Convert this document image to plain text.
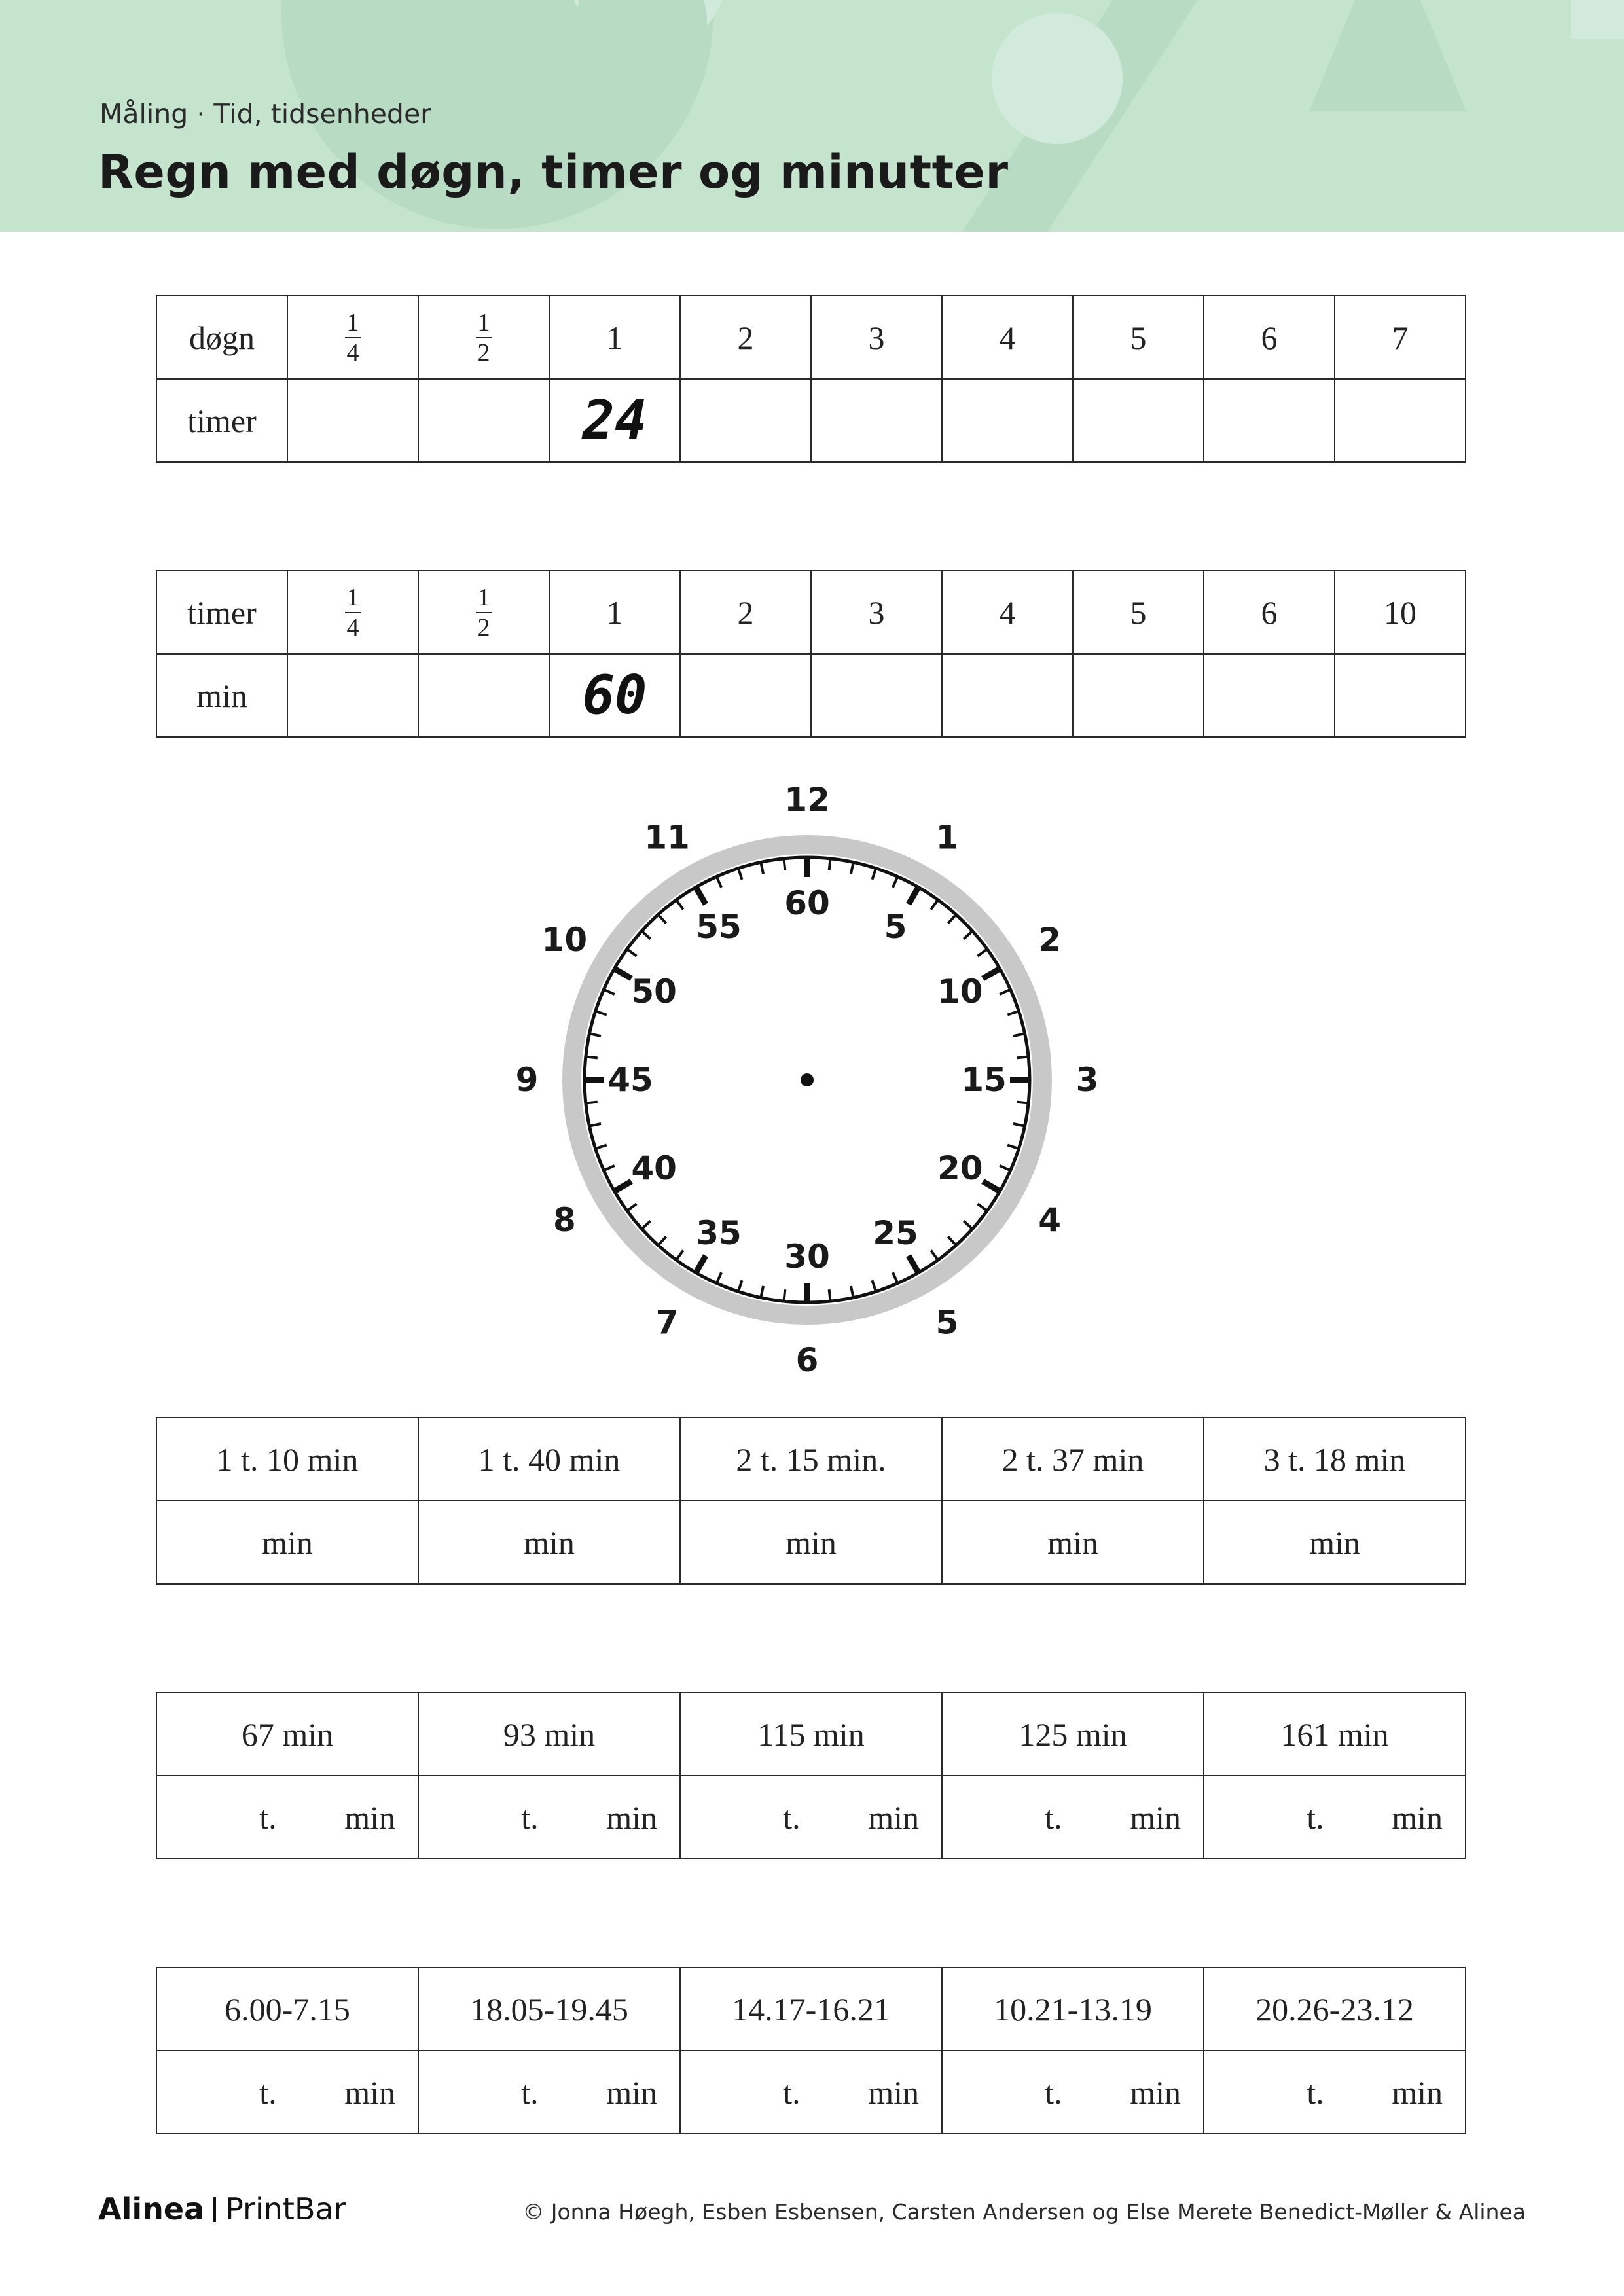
Måling · Tid, tidsenheder
Regn med døgn, timer og minutter
døgn	$\frac{1}{4}$	$\frac{1}{2}$	1	2	3	4	5	6	7
timer			24						
timer	$\frac{1}{4}$	$\frac{1}{2}$	1	2	3	4	5	6	10
min			60						
60
5
10
15
20
25
30
35
40
45
50
55
12
1
2
3
4
5
6
7
8
9
10
11
1 t. 10 min	1 t. 40 min	2 t. 15 min.	2 t. 37 min	3 t. 18 min
min	min	min	min	min
67 min	93 min	115 min	125 min	161 min

t. min	t. min	t. min	t. min	t. min
6.00-7.15	18.05-19.45	14.17-16.21	10.21-13.19	20.26-23.12

t. min	t. min	t. min	t. min	t. min
Alinea PrintBar	© Jonna Høegh, Esben Esbensen, Carsten Andersen og Else Merete Benedict-Møller & Alinea
